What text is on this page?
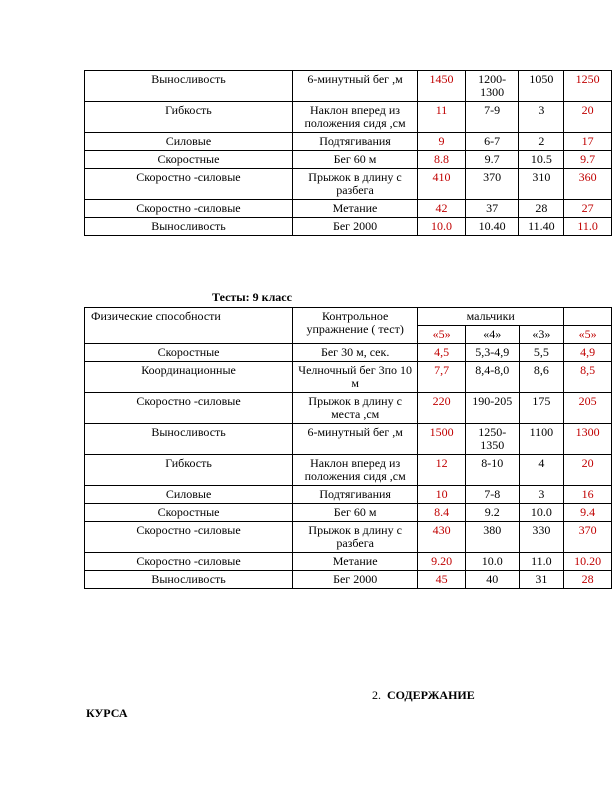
Выносливость	6-минутный бег ,м	1450	1200-1300	1050	1250
Гибкость	Наклон вперед из положения сидя ,см	11	7-9	3	20
Силовые	Подтягивания	9	6-7	2	17
Скоростные	Бег 60 м	8.8	9.7	10.5	9.7
Скоростно -силовые	Прыжок в длину с разбега	410	370	310	360
Скоростно -силовые	Метание	42	37	28	27
Выносливость	Бег 2000	10.0	10.40	11.40	11.0
Тесты: 9 класс
Физические способности	Контрольное упражнение ( тест)	мальчики			
		«5»	«4»	«3»	«5»
Скоростные	Бег 30 м, сек.	4,5	5,3-4,9	5,5	4,9
Координационные	Челночный бег 3по 10 м	7,7	8,4-8,0	8,6	8,5
Скоростно -силовые	Прыжок в длину с места ,см	220	190-205	175	205
Выносливость	6-минутный бег ,м	1500	1250-1350	1100	1300
Гибкость	Наклон вперед из положения сидя ,см	12	8-10	4	20
Силовые	Подтягивания	10	7-8	3	16
Скоростные	Бег 60 м	8.4	9.2	10.0	9.4
Скоростно -силовые	Прыжок в длину с разбега	430	380	330	370
Скоростно -силовые	Метание	9.20	10.0	11.0	10.20
Выносливость	Бег 2000	45	40	31	28
2. СОДЕРЖАНИЕ
КУРСА
